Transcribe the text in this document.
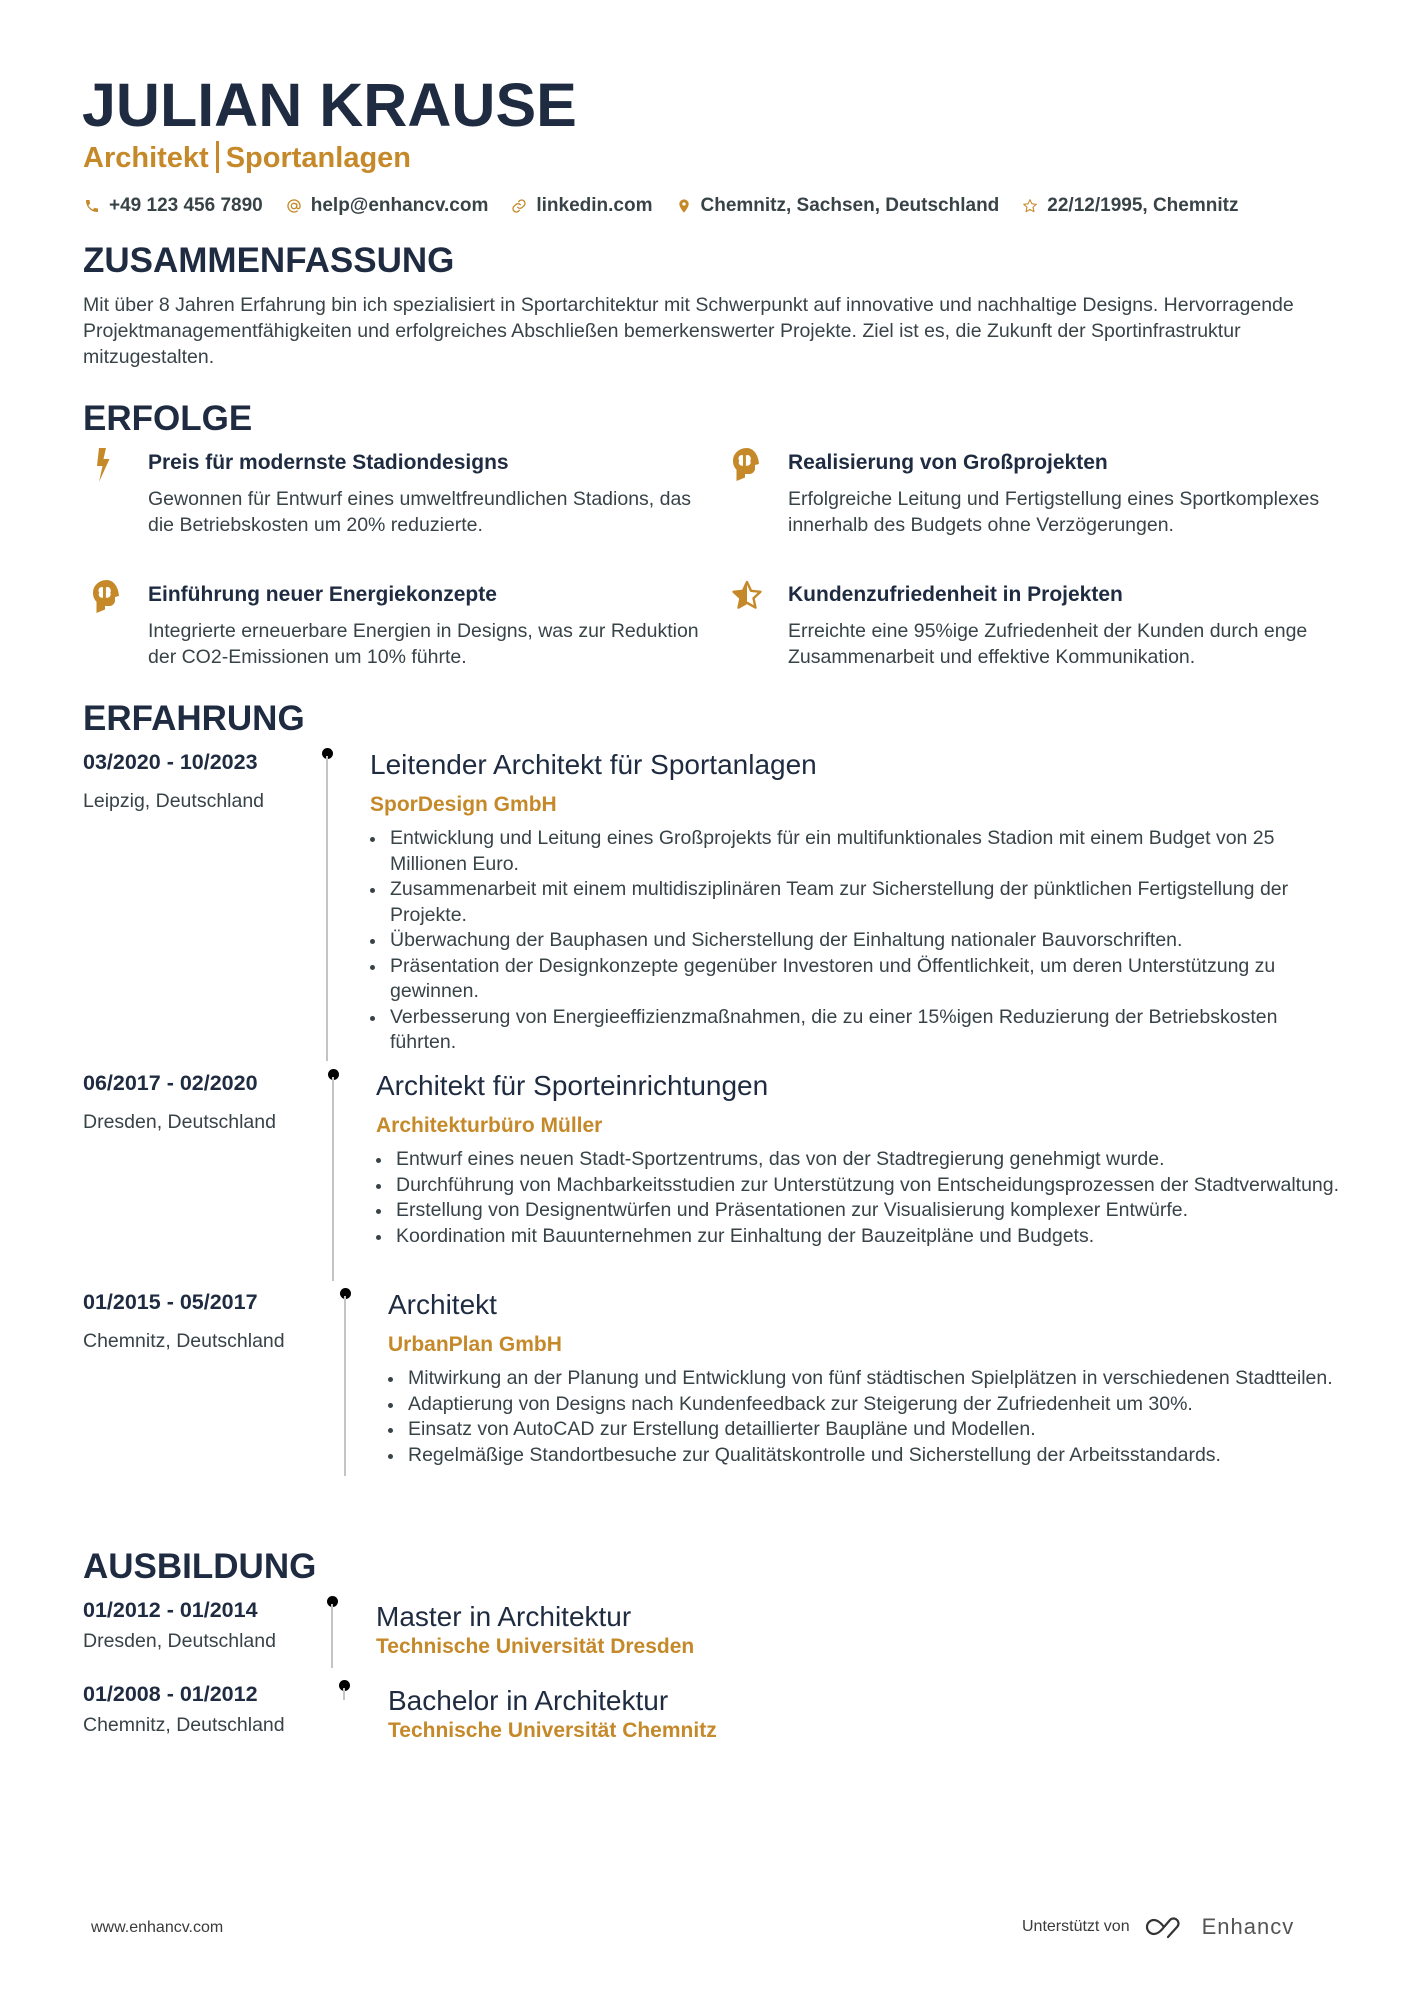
JULIAN KRAUSE
Architekt Sportanlagen
+49 123 456 7890	help@enhancv.com	linkedin.com	Chemnitz, Sachsen, Deutschland	22/12/1995, Chemnitz
ZUSAMMENFASSUNG
Mit über 8 Jahren Erfahrung bin ich spezialisiert in Sportarchitektur mit Schwerpunkt auf innovative und nachhaltige Designs. Hervorragende Projektmanagementfähigkeiten und erfolgreiches Abschließen bemerkenswerter Projekte. Ziel ist es, die Zukunft der Sportinfrastruktur mitzugestalten.
ERFOLGE
Preis für modernste Stadiondesigns
Gewonnen für Entwurf eines umweltfreundlichen Stadions, das die Betriebskosten um 20% reduzierte.
Realisierung von Großprojekten
Erfolgreiche Leitung und Fertigstellung eines Sportkomplexes innerhalb des Budgets ohne Verzögerungen.
Einführung neuer Energiekonzepte
Integrierte erneuerbare Energien in Designs, was zur Reduktion der CO2-Emissionen um 10% führte.
Kundenzufriedenheit in Projekten
Erreichte eine 95%ige Zufriedenheit der Kunden durch enge Zusammenarbeit und effektive Kommunikation.
ERFAHRUNG
03/2020 - 10/2023
Leipzig, Deutschland
Leitender Architekt für Sportanlagen
SporDesign GmbH
Entwicklung und Leitung eines Großprojekts für ein multifunktionales Stadion mit einem Budget von 25 Millionen Euro.
Zusammenarbeit mit einem multidisziplinären Team zur Sicherstellung der pünktlichen Fertigstellung der Projekte.
Überwachung der Bauphasen und Sicherstellung der Einhaltung nationaler Bauvorschriften.
Präsentation der Designkonzepte gegenüber Investoren und Öffentlichkeit, um deren Unterstützung zu gewinnen.
Verbesserung von Energieeffizienzmaßnahmen, die zu einer 15%igen Reduzierung der Betriebskosten führten.
06/2017 - 02/2020
Dresden, Deutschland
Architekt für Sporteinrichtungen
Architekturbüro Müller
Entwurf eines neuen Stadt-Sportzentrums, das von der Stadtregierung genehmigt wurde.
Durchführung von Machbarkeitsstudien zur Unterstützung von Entscheidungsprozessen der Stadtverwaltung.
Erstellung von Designentwürfen und Präsentationen zur Visualisierung komplexer Entwürfe.
Koordination mit Bauunternehmen zur Einhaltung der Bauzeitpläne und Budgets.
01/2015 - 05/2017
Chemnitz, Deutschland
Architekt
UrbanPlan GmbH
Mitwirkung an der Planung und Entwicklung von fünf städtischen Spielplätzen in verschiedenen Stadtteilen.
Adaptierung von Designs nach Kundenfeedback zur Steigerung der Zufriedenheit um 30%.
Einsatz von AutoCAD zur Erstellung detaillierter Baupläne und Modellen.
Regelmäßige Standortbesuche zur Qualitätskontrolle und Sicherstellung der Arbeitsstandards.
AUSBILDUNG
01/2012 - 01/2014
Dresden, Deutschland
Master in Architektur
Technische Universität Dresden
01/2008 - 01/2012
Chemnitz, Deutschland
Bachelor in Architektur
Technische Universität Chemnitz
www.enhancv.com	Unterstützt von	Enhancv
